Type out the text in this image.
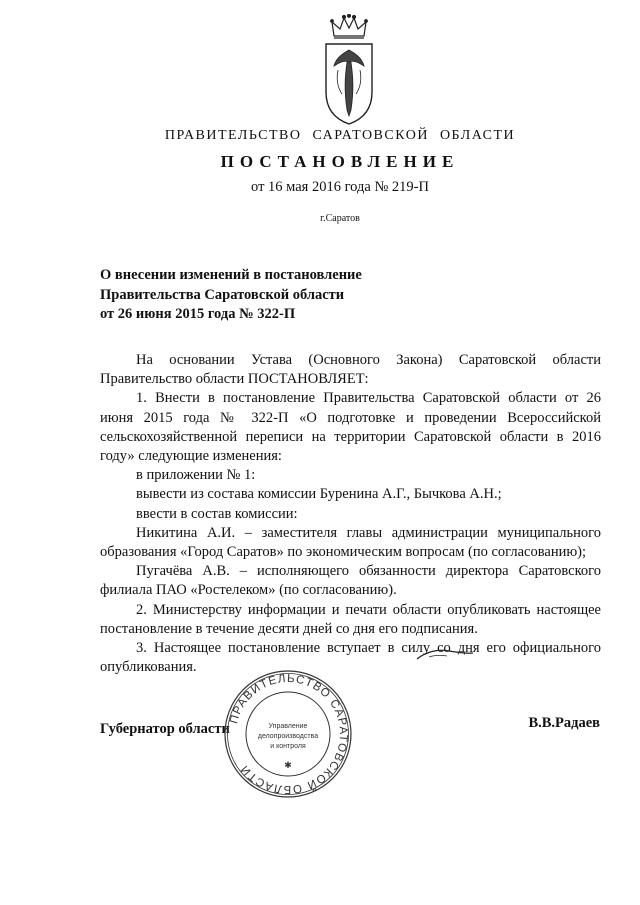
ПРАВИТЕЛЬСТВО САРАТОВСКОЙ ОБЛАСТИ
ПОСТАНОВЛЕНИЕ
от 16 мая 2016 года № 219-П
г.Саратов
О внесении изменений в постановление
Правительства Саратовской области
от 26 июня 2015 года № 322-П

На основании Устава (Основного Закона) Саратовской области Правительство области ПОСТАНОВЛЯЕТ:

1. Внести в постановление Правительства Саратовской области от 26 июня 2015 года № 322-П «О подготовке и проведении Всероссийской сельскохозяйственной переписи на территории Саратовской области в 2016 году» следующие изменения:

в приложении № 1:

вывести из состава комиссии Буренина А.Г., Бычкова А.Н.;

ввести в состав комиссии:

Никитина А.И. – заместителя главы администрации муниципального образования «Город Саратов» по экономическим вопросам (по согласованию);

Пугачёва А.В. – исполняющего обязанности директора Саратовского филиала ПАО «Ростелеком» (по согласованию).

2. Министерству информации и печати области опубликовать настоящее постановление в течение десяти дней со дня его подписания.

3. Настоящее постановление вступает в силу со дня его официального опубликования.

Губернатор области	В.В.Радаев
ПРАВИТЕЛЬСТВО САРАТОВСКОЙ ОБЛАСТИ
Управление
делопроизводства
и контроля
✱
